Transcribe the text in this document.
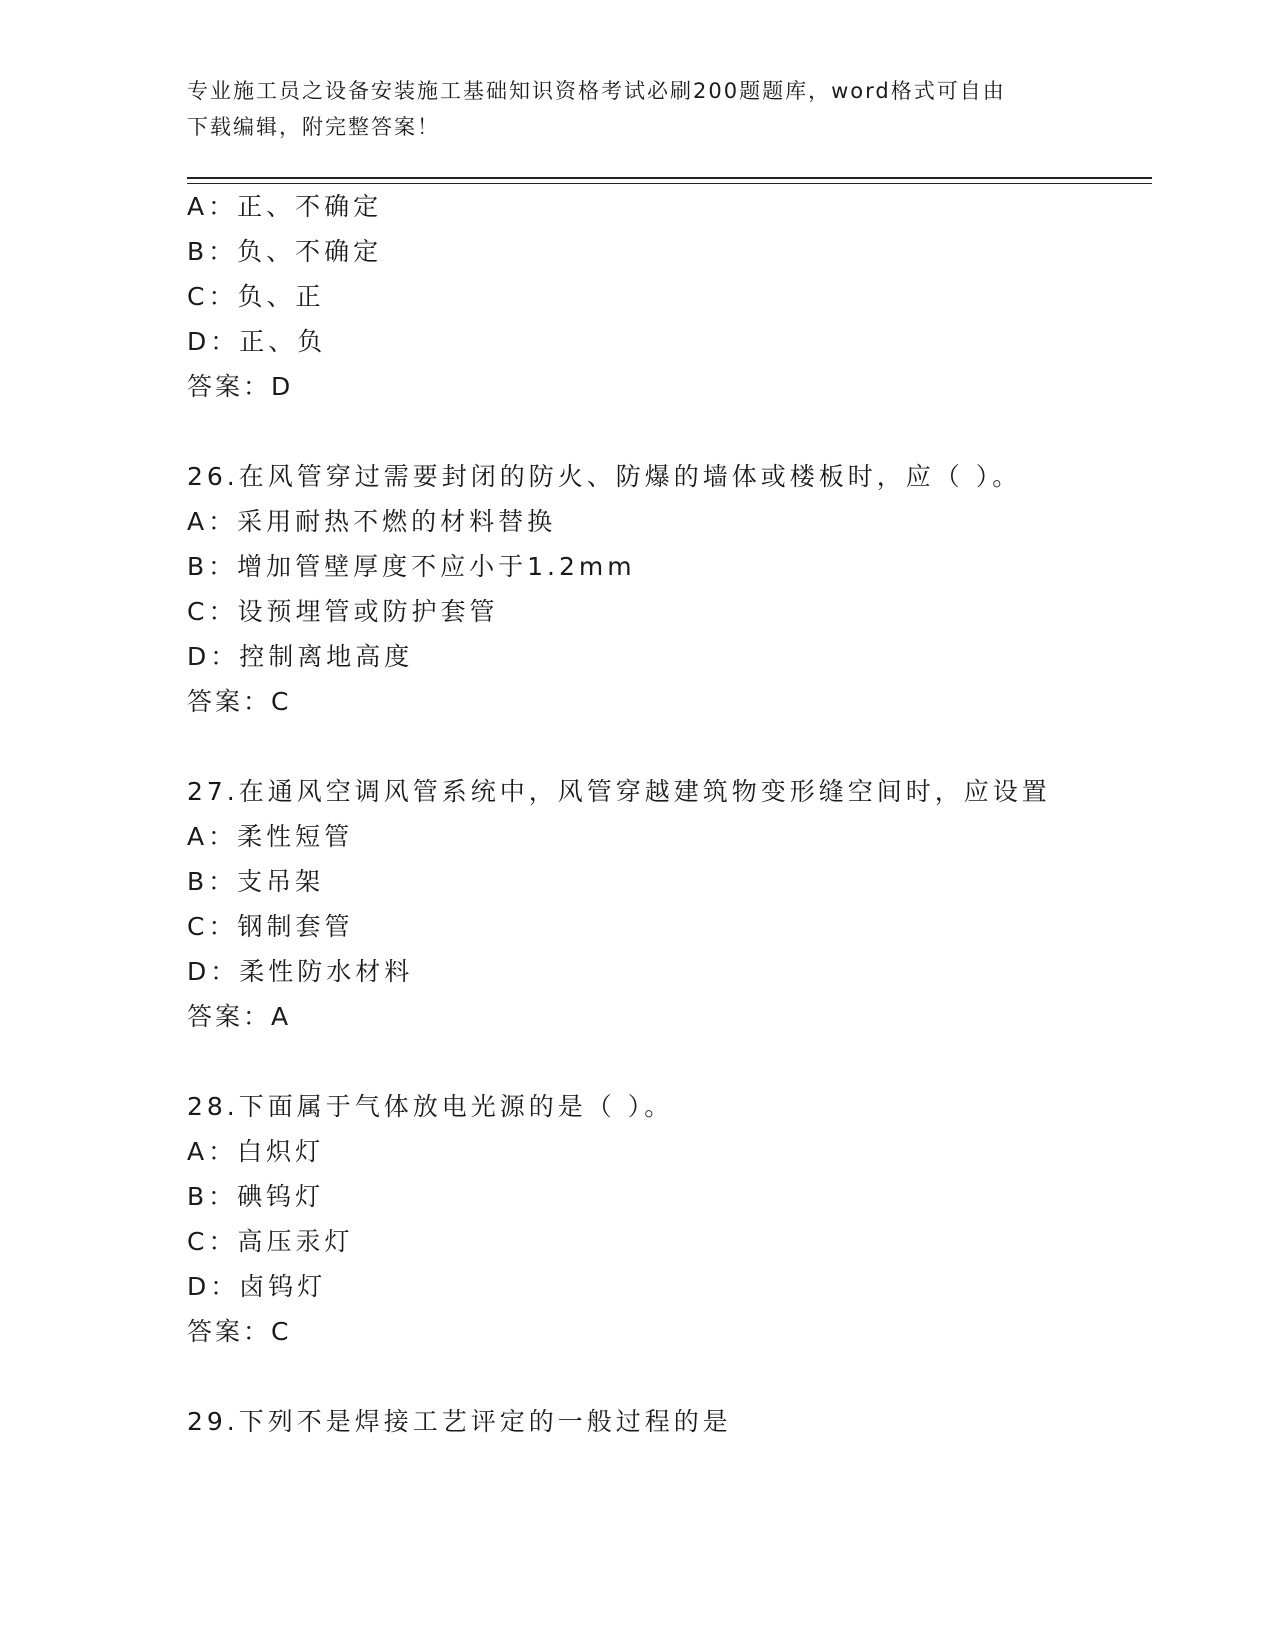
专业施工员之设备安装施工基础知识资格考试必刷200题题库，word格式可自由
下载编辑，附完整答案！
A：正、不确定
B：负、不确定
C：负、正
D：正、负
答案：D
26.在风管穿过需要封闭的防火、防爆的墙体或楼板时，应（ ）。
A：采用耐热不燃的材料替换
B：增加管壁厚度不应小于1.2mm
C：设预埋管或防护套管
D：控制离地高度
答案：C
27.在通风空调风管系统中，风管穿越建筑物变形缝空间时，应设置
A：柔性短管
B：支吊架
C：钢制套管
D：柔性防水材料
答案：A
28.下面属于气体放电光源的是（ ）。
A：白炽灯
B：碘钨灯
C：高压汞灯
D：卤钨灯
答案：C
29.下列不是焊接工艺评定的一般过程的是
